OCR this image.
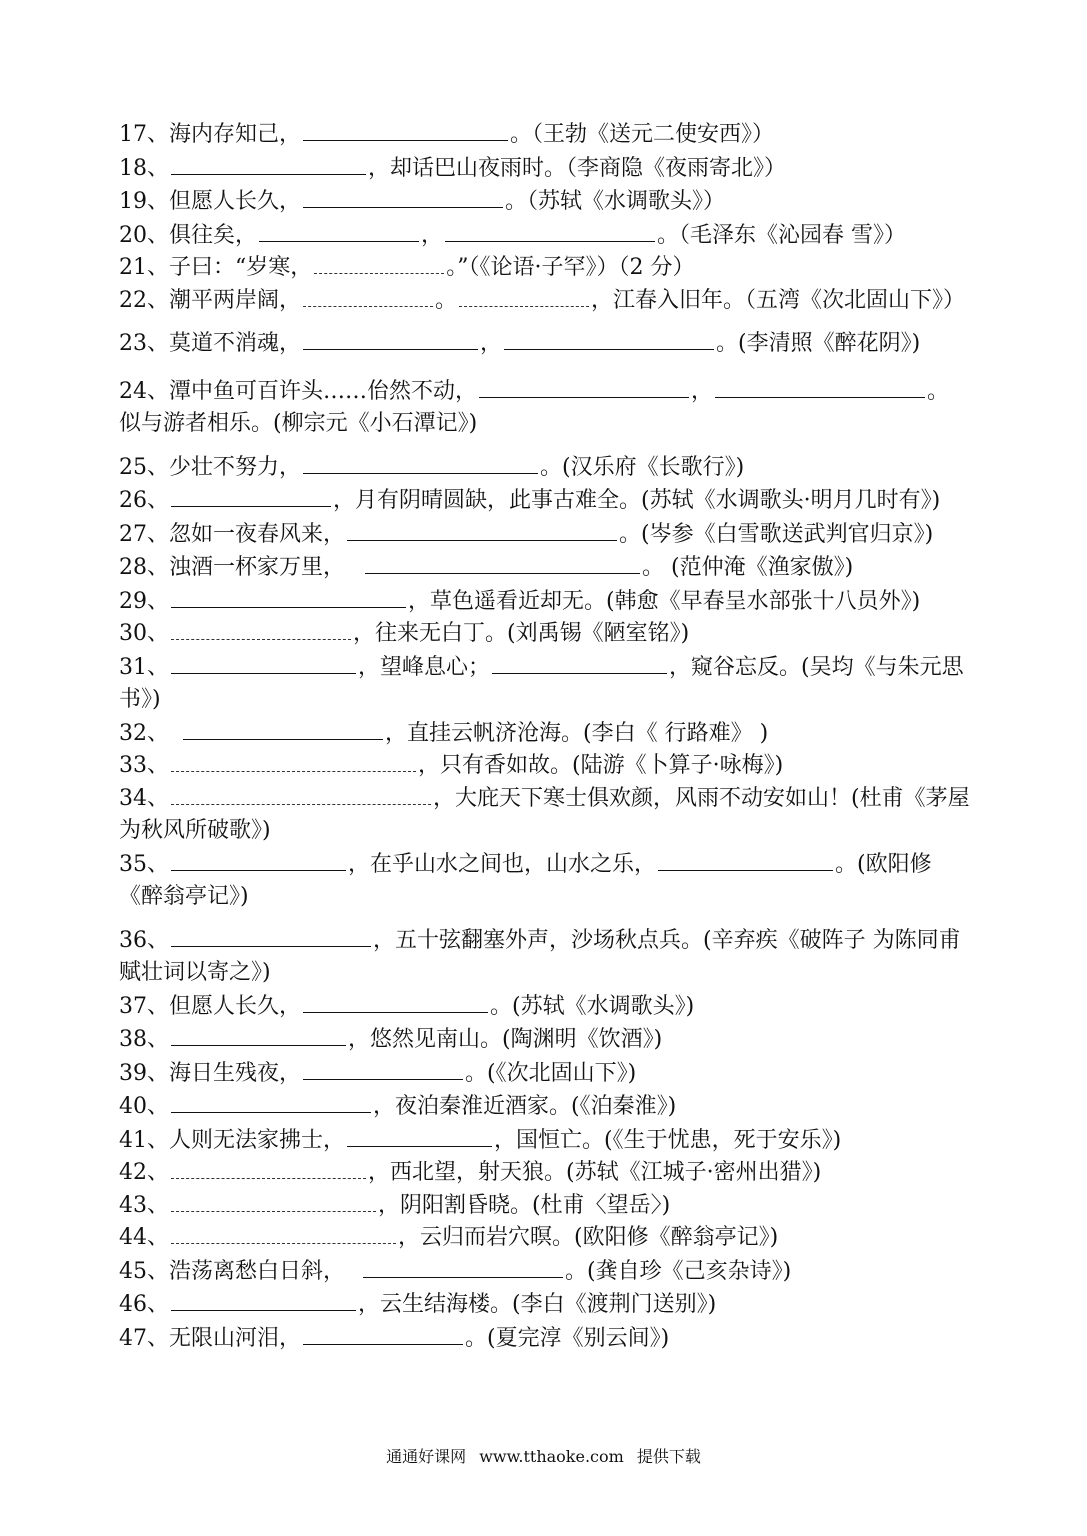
17、海内存知己，	。（王勃《送元二使安西》）

18、	，却话巴山夜雨时。（李商隐《夜雨寄北》）

19、但愿人长久，	。（苏轼《水调歌头》）

20、俱往矣，	，	。（毛泽东《沁园春 雪》）

21、子曰：“岁寒，	。”（《论语·子罕》）（2 分）

22、潮平两岸阔，	。	，江春入旧年。（五湾《次北固山下》）

23、莫道不消魂，	，	。(李清照《醉花阴》)

24、潭中鱼可百许头……佁然不动，	，	。似与游者相乐。(柳宗元《小石潭记》)

25、少壮不努力，	。(汉乐府《长歌行》)

26、	，月有阴晴圆缺，此事古难全。(苏轼《水调歌头·明月几时有》)

27、忽如一夜春风来，	。(岑参《白雪歌送武判官归京》)

28、浊酒一杯家万里，	。 (范仲淹《渔家傲》)

29、	，草色遥看近却无。(韩愈《早春呈水部张十八员外》)

30、	，往来无白丁。(刘禹锡《陋室铭》)

31、	，望峰息心；	，窥谷忘反。(吴均《与朱元思书》)

32、	，直挂云帆济沧海。(李白《 行路难》 )

33、	，只有香如故。(陆游《卜算子·咏梅》)

34、	，大庇天下寒士俱欢颜，风雨不动安如山！(杜甫《茅屋为秋风所破歌》)

35、	，在乎山水之间也，山水之乐，	。(欧阳修《醉翁亭记》)

36、	，五十弦翻塞外声，沙场秋点兵。(辛弃疾《破阵子 为陈同甫赋壮词以寄之》)

37、但愿人长久，	。(苏轼《水调歌头》)

38、	，悠然见南山。(陶渊明《饮酒》)

39、海日生残夜，	。(《次北固山下》)

40、	，夜泊秦淮近酒家。(《泊秦淮》)

41、人则无法家拂士，	，国恒亡。(《生于忧患，死于安乐》)

42、	，西北望，射天狼。(苏轼《江城子·密州出猎》)

43、	，阴阳割昏晓。(杜甫〈望岳〉)

44、	，云归而岩穴暝。(欧阳修《醉翁亭记》)

45、浩荡离愁白日斜，	。(龚自珍《己亥杂诗》)

46、	，云生结海楼。(李白《渡荆门送别》)

47、无限山河泪，	。(夏完淳《别云间》)

通通好课网 www.tthaoke.com 提供下载
